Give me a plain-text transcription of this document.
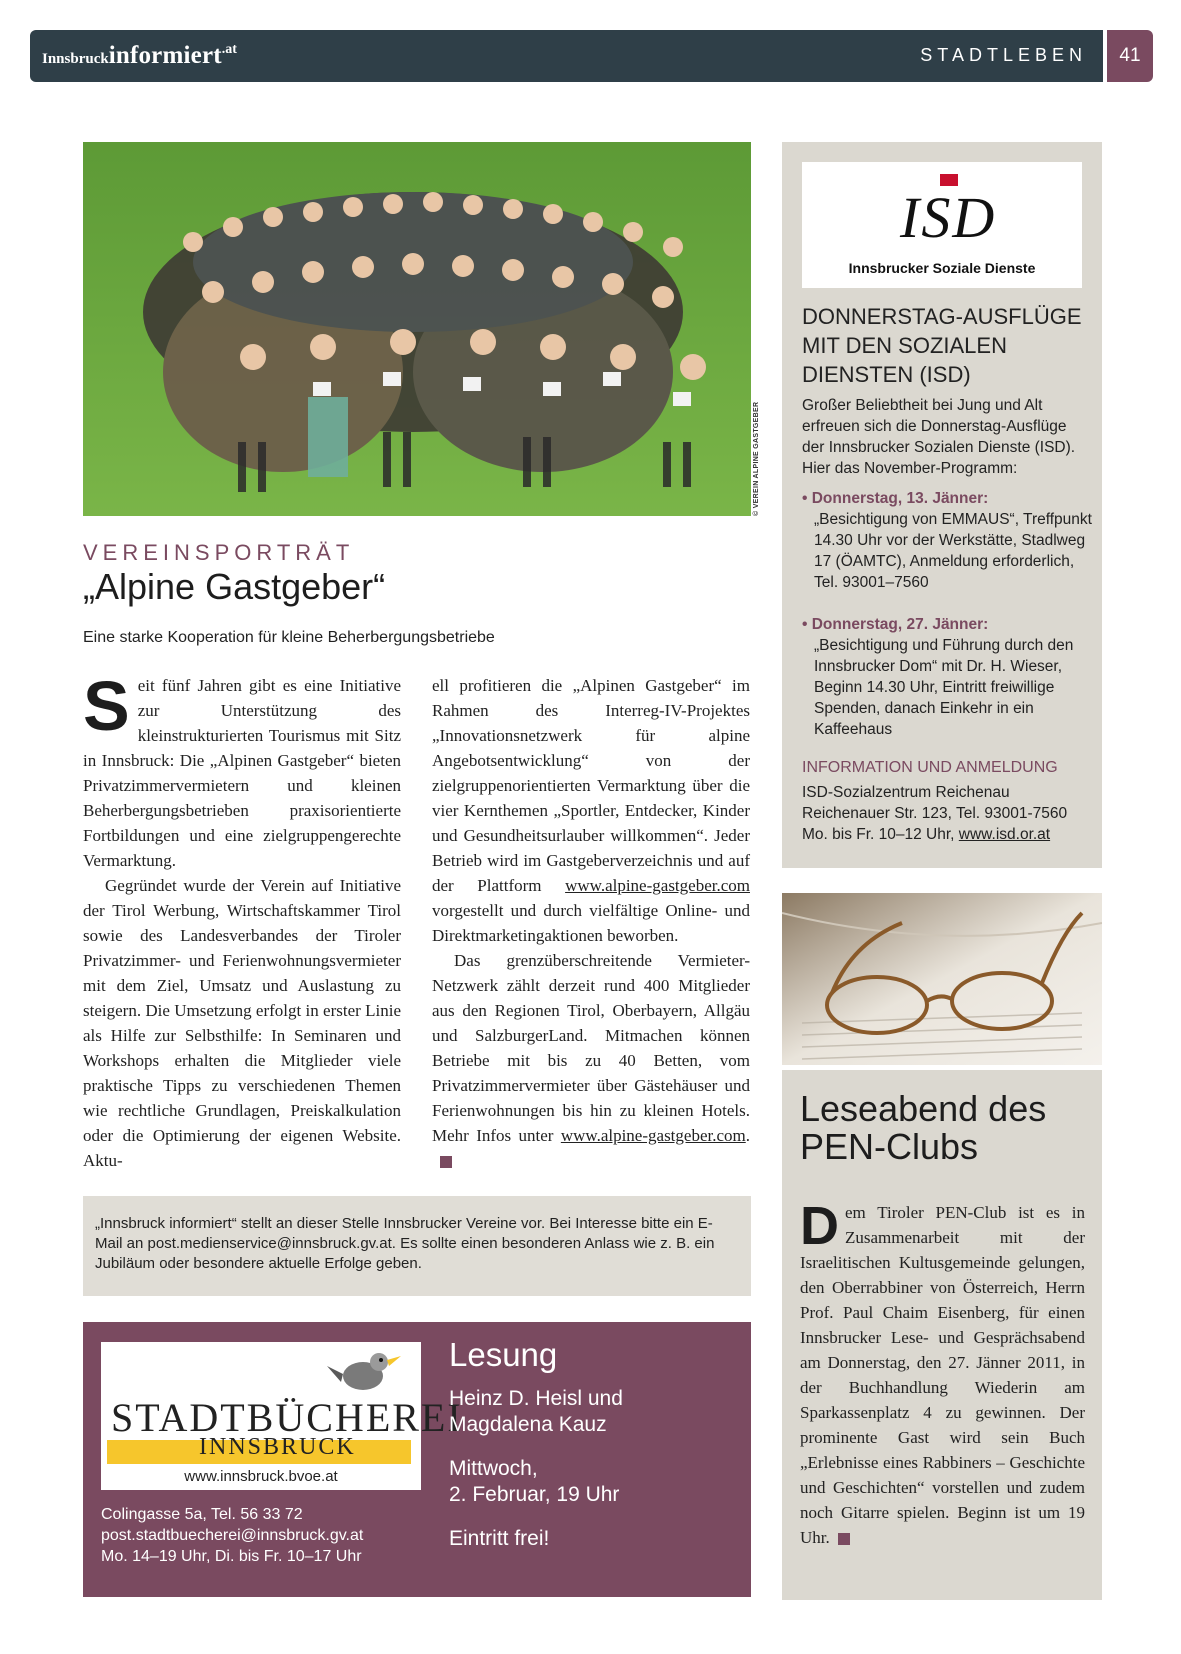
Innsbruckinformiert.at	STADTLEBEN	41
© VEREIN ALPINE GASTGEBER
VEREINSPORTRÄT
„Alpine Gastgeber“
Eine starke Kooperation für kleine Beherbergungsbetriebe

Seit fünf Jahren gibt es eine Initiative zur Unterstützung des kleinstrukturierten Tourismus mit Sitz in Innsbruck: Die „Alpinen Gastgeber“ bieten Privatzimmervermietern und kleinen Beherbergungsbetrieben praxisorientierte Fortbildungen und eine zielgruppengerechte Vermarktung.

Gegründet wurde der Verein auf Initiative der Tirol Werbung, Wirtschaftskammer Tirol sowie des Landesverbandes der Tiroler Privatzimmer- und Ferienwohnungsvermieter mit dem Ziel, Umsatz und Auslastung zu steigern. Die Umsetzung erfolgt in erster Linie als Hilfe zur Selbsthilfe: In Seminaren und Workshops erhalten die Mitglieder viele praktische Tipps zu verschiedenen Themen wie rechtliche Grundlagen, Preiskalkulation oder die Optimierung der eigenen Website. Aktu-

ell profitieren die „Alpinen Gastgeber“ im Rahmen des Interreg-IV-Projektes „Innovationsnetzwerk für alpine Angebotsentwicklung“ von der zielgruppenorientierten Vermarktung über die vier Kernthemen „Sportler, Entdecker, Kinder und Gesundheitsurlauber willkommen“. Jeder Betrieb wird im Gastgeberverzeichnis und auf der Plattform www.alpine-gastgeber.com vorgestellt und durch vielfältige Online- und Direktmarketingaktionen beworben.

Das grenzüberschreitende Vermieter-Netzwerk zählt derzeit rund 400 Mitglieder aus den Regionen Tirol, Oberbayern, Allgäu und SalzburgerLand. Mitmachen können Betriebe mit bis zu 40 Betten, vom Privatzimmervermieter über Gästehäuser und Ferienwohnungen bis hin zu kleinen Hotels. Mehr Infos unter www.alpine-gastgeber.com.

„Innsbruck informiert“ stellt an dieser Stelle Innsbrucker Vereine vor. Bei Interesse bitte ein E-Mail an post.medienservice@innsbruck.gv.at. Es sollte einen besonderen Anlass wie z. B. ein Jubiläum oder besondere aktuelle Erfolge geben.
STADTBÜCHEREI
INNSBRUCK
www.innsbruck.bvoe.at
Colingasse 5a, Tel. 56 33 72
post.stadtbuecherei@innsbruck.gv.at
Mo. 14–19 Uhr, Di. bis Fr. 10–17 Uhr
Lesung
Heinz D. Heisl und
Magdalena Kauz
Mittwoch,
2. Februar, 19 Uhr
Eintritt frei!
ISD
Innsbrucker Soziale Dienste
DONNERSTAG-AUSFLÜGE MIT DEN SOZIALEN DIENSTEN (ISD)
Großer Beliebtheit bei Jung und Alt erfreuen sich die Donnerstag-Ausflüge der Innsbrucker Sozialen Dienste (ISD). Hier das November-Programm:
• Donnerstag, 13. Jänner:
„Besichtigung von EMMAUS“, Treffpunkt 14.30 Uhr vor der Werkstätte, Stadlweg 17 (ÖAMTC), Anmeldung erforderlich, Tel. 93001–7560
• Donnerstag, 27. Jänner:
„Besichtigung und Führung durch den Innsbrucker Dom“ mit Dr. H. Wieser, Beginn 14.30 Uhr, Eintritt freiwillige Spenden, danach Einkehr in ein Kaffeehaus
INFORMATION UND ANMELDUNG
ISD-Sozialzentrum Reichenau
Reichenauer Str. 123, Tel. 93001-7560
Mo. bis Fr. 10–12 Uhr, www.isd.or.at
Leseabend des
PEN-Clubs
Dem Tiroler PEN-Club ist es in Zusammenarbeit mit der Israelitischen Kultusgemeinde gelungen, den Oberrabbiner von Österreich, Herrn Prof. Paul Chaim Eisenberg, für einen Innsbrucker Lese- und Gesprächsabend am Donnerstag, den 27. Jänner 2011, in der Buchhandlung Wiederin am Sparkassenplatz 4 zu gewinnen. Der prominente Gast wird sein Buch „Erlebnisse eines Rabbiners – Geschichte und Geschichten“ vorstellen und zudem noch Gitarre spielen. Beginn ist um 19 Uhr.
